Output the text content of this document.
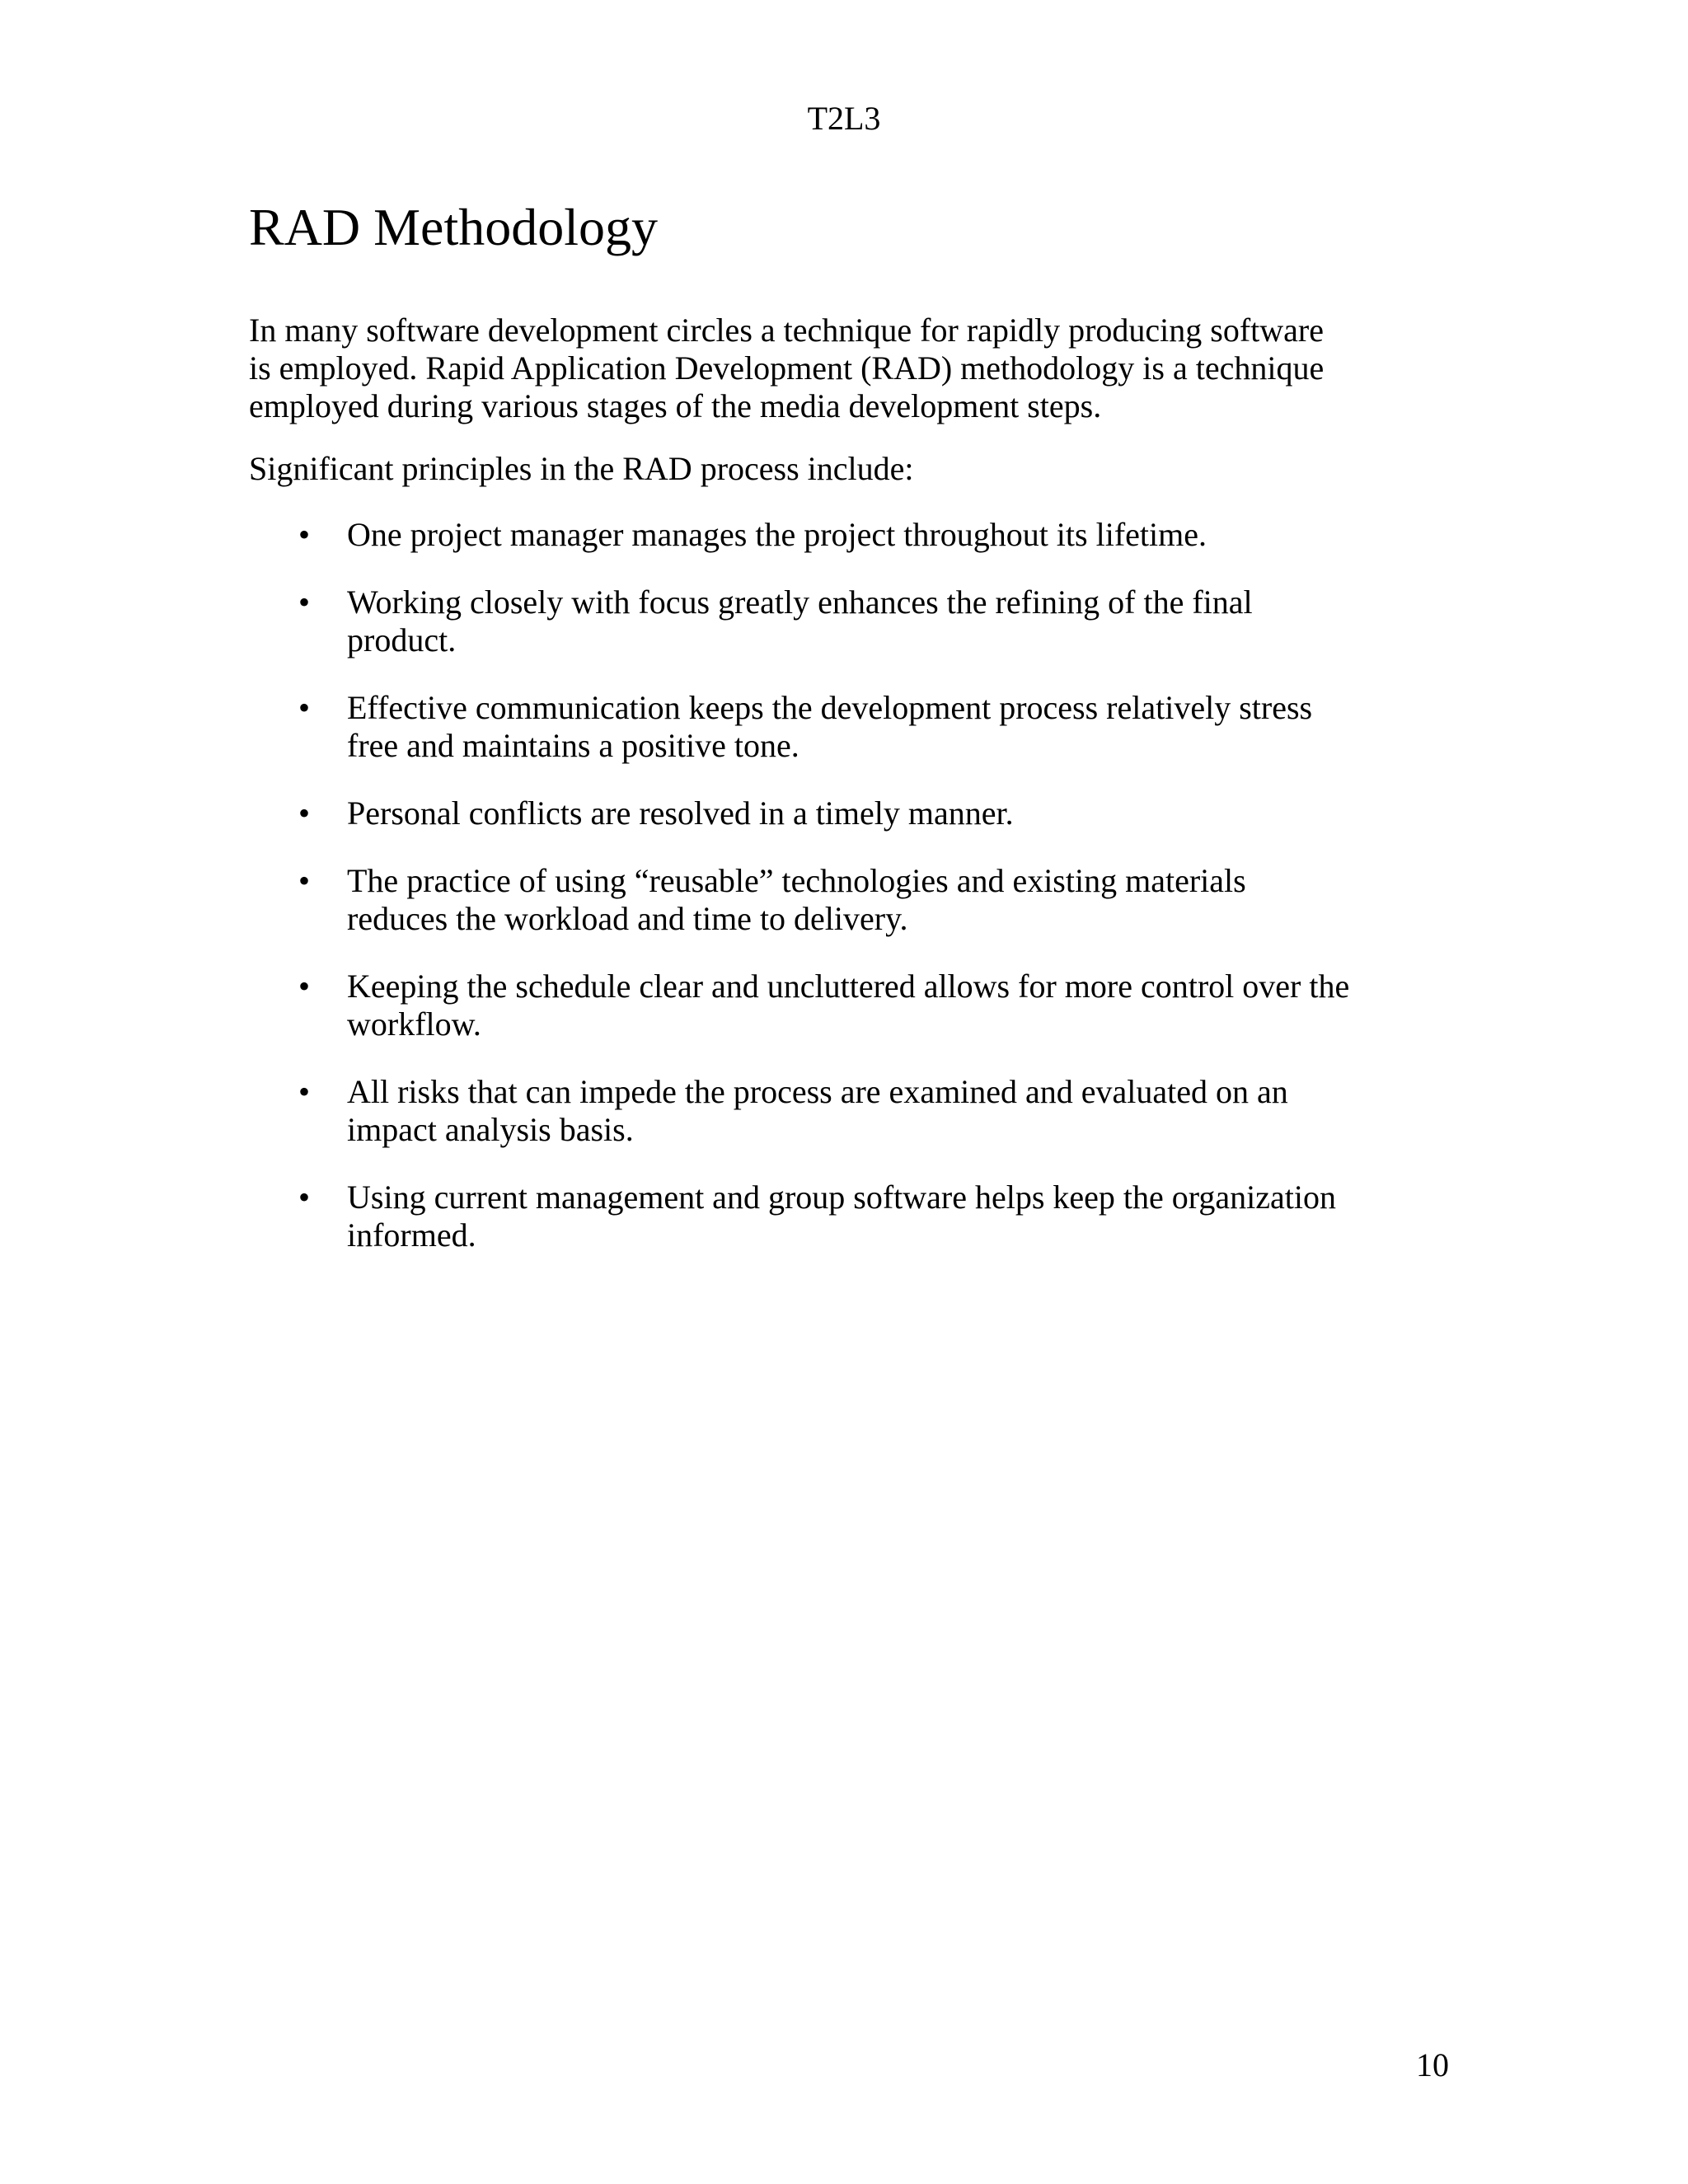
T2L3
RAD Methodology

In many software development circles a technique for rapidly producing software is employed. Rapid Application Development (RAD) methodology is a technique employed during various stages of the media development steps.

Significant principles in the RAD process include:

• One project manager manages the project throughout its lifetime.
• Working closely with focus greatly enhances the refining of the final product.
• Effective communication keeps the development process relatively stress free and maintains a positive tone.
• Personal conflicts are resolved in a timely manner.
• The practice of using “reusable” technologies and existing materials reduces the workload and time to delivery.
• Keeping the schedule clear and uncluttered allows for more control over the workflow.
• All risks that can impede the process are examined and evaluated on an impact analysis basis.
• Using current management and group software helps keep the organization informed.
10
